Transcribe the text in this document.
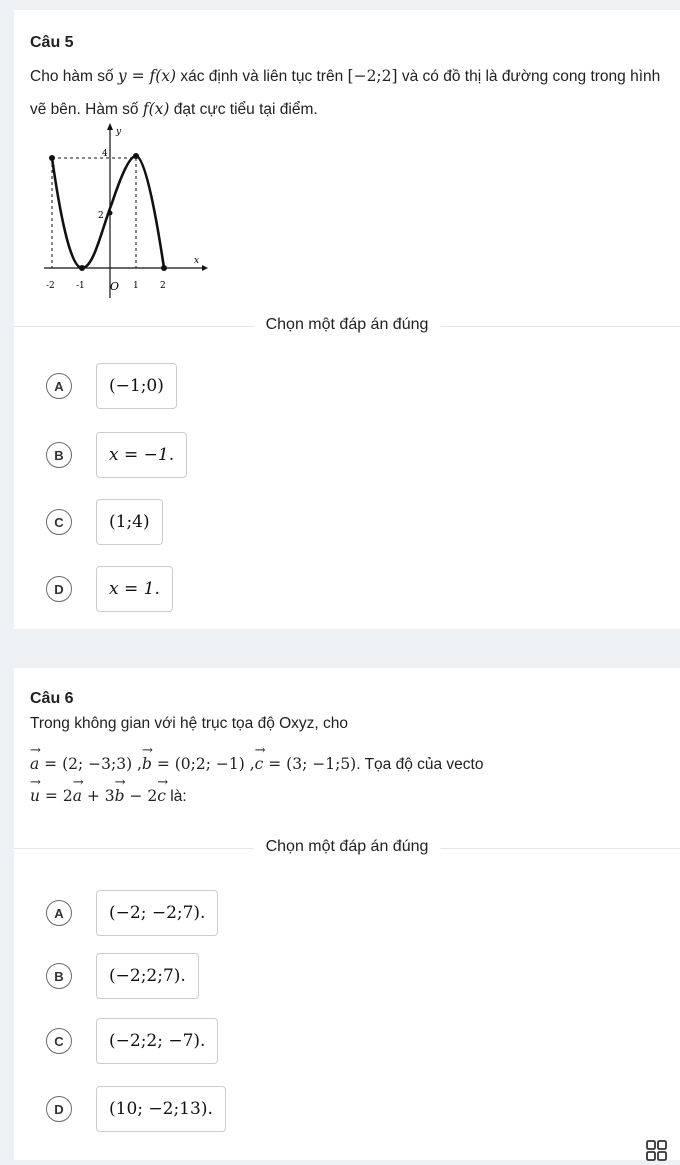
Câu 5
Cho hàm số y = f(x) xác định và liên tục trên [−2;2] và có đồ thị là đường cong trong hình vẽ bên. Hàm số f(x) đạt cực tiểu tại điểm.
-2 -1 O 1 2
4
2
x
y
Chọn một đáp án đúng
A	(−1;0)
B	x = −1.
C	(1;4)
D	x = 1.
Câu 6
Trong không gian với hệ trục tọa độ Oxyz, cho
→ a = (2; −3;3) ,→ b = (0;2; −1) ,→ c = (3; −1;5). Tọa độ của vecto
→ u = 2→ a + 3→ b − 2→ c là:
Chọn một đáp án đúng
A	(−2; −2;7).
B	(−2;2;7).
C	(−2;2; −7).
D	(10; −2;13).
